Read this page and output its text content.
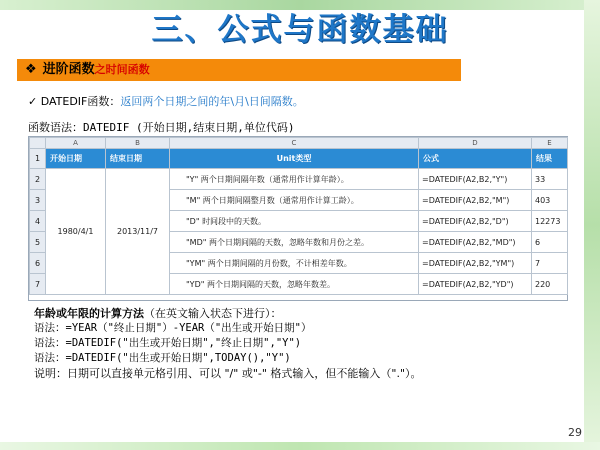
三、公式与函数基础
❖ 进阶函数之时间函数
✓ DATEDIF函数：返回两个日期之间的年\月\日间隔数。
函数语法：DATEDIF (开始日期,结束日期,单位代码)
	A	B	C	D	E
1	开始日期	结束日期	Unit类型	公式	结果
2	1980/4/1	2013/11/7	"Y" 两个日期间隔年数（通常用作计算年龄）。	=DATEDIF(A2,B2,"Y")	33
3			"M" 两个日期间隔整月数（通常用作计算工龄）。	=DATEDIF(A2,B2,"M")	403
4			"D" 时间段中的天数。	=DATEDIF(A2,B2,"D")	12273
5			"MD" 两个日期间隔的天数，忽略年数和月份之差。	=DATEDIF(A2,B2,"MD")	6
6			"YM" 两个日期间隔的月份数，不计相差年数。	=DATEDIF(A2,B2,"YM")	7
7			"YD" 两个日期间隔的天数，忽略年数差。	=DATEDIF(A2,B2,"YD")	220
年龄或年限的计算方法（在英文输入状态下进行）：
语法：=YEAR（"终止日期"）-YEAR（"出生或开始日期"）
语法：=DATEDIF("出生或开始日期","终止日期","Y")
语法：=DATEDIF("出生或开始日期",TODAY(),"Y")
说明：日期可以直接单元格引用、可以 "/" 或"-" 格式输入，但不能输入（"."）。
29
